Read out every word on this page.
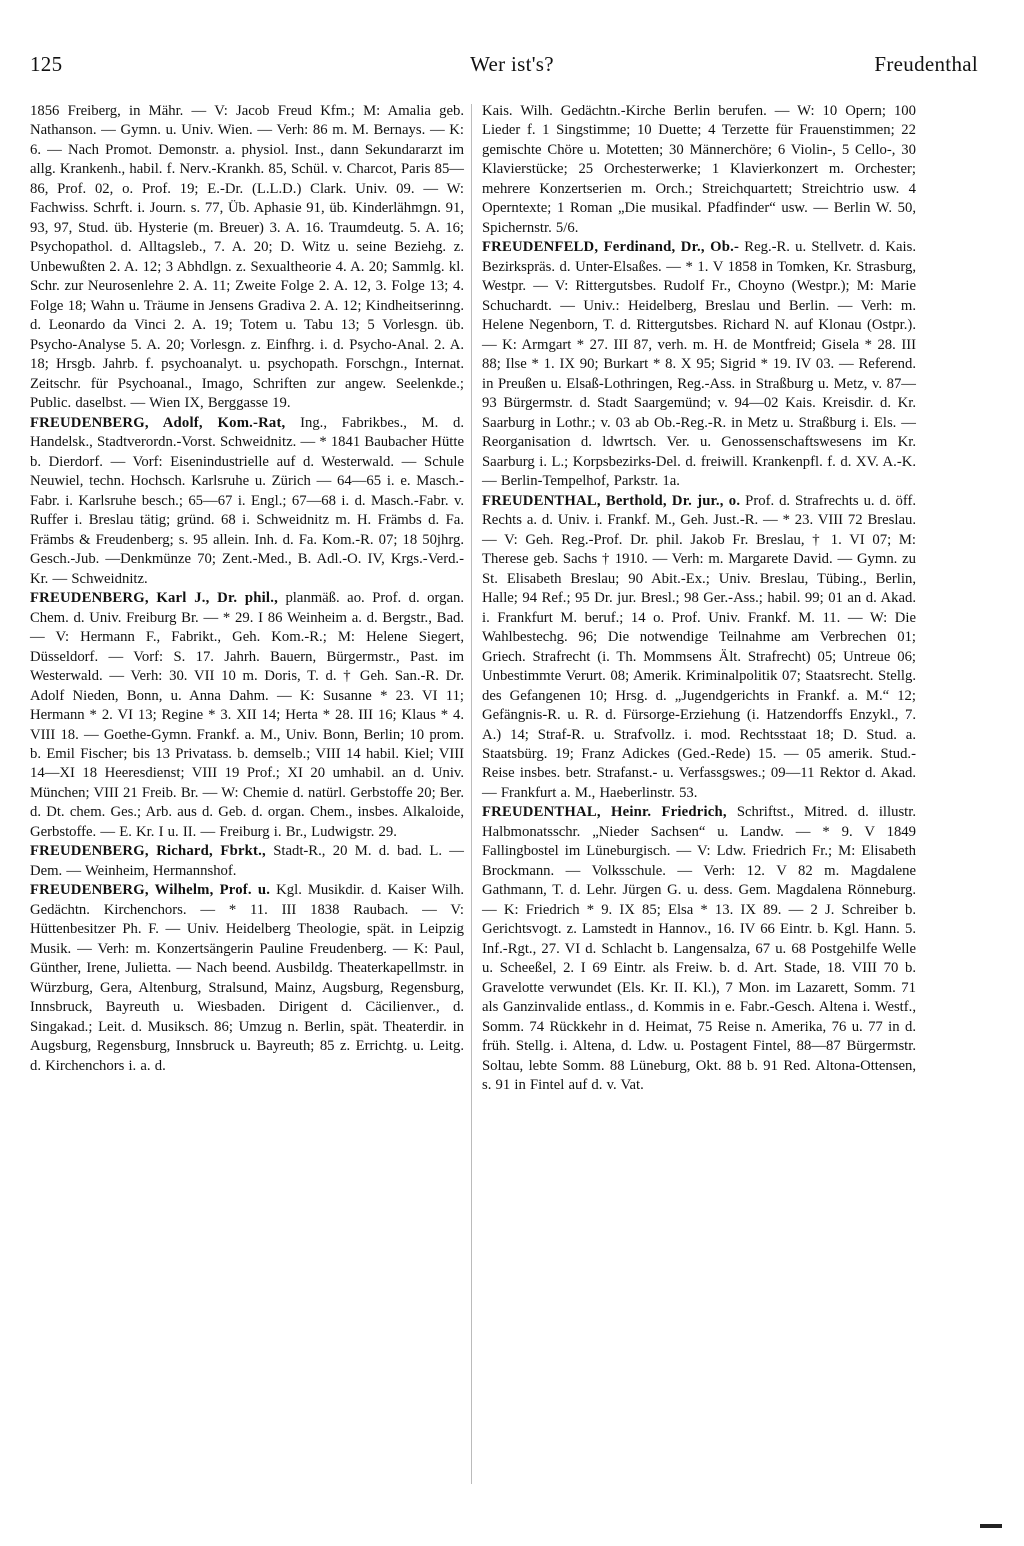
125	Wer ist's?	Freudenthal

1856 Freiberg, in Mähr. — V: Jacob Freud Kfm.; M: Amalia geb. Nathanson. — Gymn. u. Univ. Wien. — Verh: 86 m. M. Bernays. — K: 6. — Nach Promot. Demonstr. a. physiol. Inst., dann Sekundararzt im allg. Krankenh., habil. f. Nerv.-Krankh. 85, Schül. v. Charcot, Paris 85—86, Prof. 02, o. Prof. 19; E.-Dr. (L.L.D.) Clark. Univ. 09. — W: Fachwiss. Schrft. i. Journ. s. 77, Üb. Aphasie 91, üb. Kinderlähmgn. 91, 93, 97, Stud. üb. Hysterie (m. Breuer) 3. A. 16. Traumdeutg. 5. A. 16; Psychopathol. d. Alltagsleb., 7. A. 20; D. Witz u. seine Beziehg. z. Unbewußten 2. A. 12; 3 Abhdlgn. z. Sexualtheorie 4. A. 20; Sammlg. kl. Schr. zur Neurosenlehre 2. A. 11; Zweite Folge 2. A. 12, 3. Folge 13; 4. Folge 18; Wahn u. Träume in Jensens Gradiva 2. A. 12; Kindheitserinng. d. Leonardo da Vinci 2. A. 19; Totem u. Tabu 13; 5 Vorlesgn. üb. Psycho-Analyse 5. A. 20; Vorlesgn. z. Einfhrg. i. d. Psycho-Anal. 2. A. 18; Hrsgb. Jahrb. f. psychoanalyt. u. psychopath. Forschgn., Internat. Zeitschr. für Psychoanal., Imago, Schriften zur angew. Seelenkde.; Public. daselbst. — Wien IX, Berggasse 19.

FREUDENBERG, Adolf, Kom.-Rat, Ing., Fabrikbes., M. d. Handelsk., Stadtverordn.-Vorst. Schweidnitz. — * 1841 Baubacher Hütte b. Dierdorf. — Vorf: Eisenindustrielle auf d. Westerwald. — Schule Neuwiel, techn. Hochsch. Karlsruhe u. Zürich — 64—65 i. e. Masch.-Fabr. i. Karlsruhe besch.; 65—67 i. Engl.; 67—68 i. d. Masch.-Fabr. v. Ruffer i. Breslau tätig; gründ. 68 i. Schweidnitz m. H. Främbs d. Fa. Främbs & Freudenberg; s. 95 allein. Inh. d. Fa. Kom.-R. 07; 18 50jhrg. Gesch.-Jub. —Denkmünze 70; Zent.-Med., B. Adl.-O. IV, Krgs.-Verd.-Kr. — Schweidnitz.

FREUDENBERG, Karl J., Dr. phil., planmäß. ao. Prof. d. organ. Chem. d. Univ. Freiburg Br. — * 29. I 86 Weinheim a. d. Bergstr., Bad. — V: Hermann F., Fabrikt., Geh. Kom.-R.; M: Helene Siegert, Düsseldorf. — Vorf: S. 17. Jahrh. Bauern, Bürgermstr., Past. im Westerwald. — Verh: 30. VII 10 m. Doris, T. d. † Geh. San.-R. Dr. Adolf Nieden, Bonn, u. Anna Dahm. — K: Susanne * 23. VI 11; Hermann * 2. VI 13; Regine * 3. XII 14; Herta * 28. III 16; Klaus * 4. VIII 18. — Goethe-Gymn. Frankf. a. M., Univ. Bonn, Berlin; 10 prom. b. Emil Fischer; bis 13 Privatass. b. demselb.; VIII 14 habil. Kiel; VIII 14—XI 18 Heeresdienst; VIII 19 Prof.; XI 20 umhabil. an d. Univ. München; VIII 21 Freib. Br. — W: Chemie d. natürl. Gerbstoffe 20; Ber. d. Dt. chem. Ges.; Arb. aus d. Geb. d. organ. Chem., insbes. Alkaloide, Gerbstoffe. — E. Kr. I u. II. — Freiburg i. Br., Ludwigstr. 29.

FREUDENBERG, Richard, Fbrkt., Stadt-R., 20 M. d. bad. L. — Dem. — Weinheim, Hermannshof.

FREUDENBERG, Wilhelm, Prof. u. Kgl. Musikdir. d. Kaiser Wilh. Gedächtn. Kirchenchors. — * 11. III 1838 Raubach. — V: Hüttenbesitzer Ph. F. — Univ. Heidelberg Theologie, spät. in Leipzig Musik. — Verh: m. Konzertsängerin Pauline Freudenberg. — K: Paul, Günther, Irene, Julietta. — Nach beend. Ausbildg. Theaterkapellmstr. in Würzburg, Gera, Altenburg, Stralsund, Mainz, Augsburg, Regensburg, Innsbruck, Bayreuth u. Wiesbaden. Dirigent d. Cäcilienver., d. Singakad.; Leit. d. Musiksch. 86; Umzug n. Berlin, spät. Theaterdir. in Augsburg, Regensburg, Innsbruck u. Bayreuth; 85 z. Errichtg. u. Leitg. d. Kirchenchors i. a. d.

Kais. Wilh. Gedächtn.-Kirche Berlin berufen. — W: 10 Opern; 100 Lieder f. 1 Singstimme; 10 Duette; 4 Terzette für Frauenstimmen; 22 gemischte Chöre u. Motetten; 30 Männerchöre; 6 Violin-, 5 Cello-, 30 Klavierstücke; 25 Orchesterwerke; 1 Klavierkonzert m. Orchester; mehrere Konzertserien m. Orch.; Streichquartett; Streichtrio usw. 4 Operntexte; 1 Roman „Die musikal. Pfadfinder“ usw. — Berlin W. 50, Spichernstr. 5/6.

FREUDENFELD, Ferdinand, Dr., Ob.- Reg.-R. u. Stellvetr. d. Kais. Bezirkspräs. d. Unter-Elsaßes. — * 1. V 1858 in Tomken, Kr. Strasburg, Westpr. — V: Rittergutsbes. Rudolf Fr., Choyno (Westpr.); M: Marie Schuchardt. — Univ.: Heidelberg, Breslau und Berlin. — Verh: m. Helene Negenborn, T. d. Rittergutsbes. Richard N. auf Klonau (Ostpr.). — K: Armgart * 27. III 87, verh. m. H. de Montfreid; Gisela * 28. III 88; Ilse * 1. IX 90; Burkart * 8. X 95; Sigrid * 19. IV 03. — Referend. in Preußen u. Elsaß-Lothringen, Reg.-Ass. in Straßburg u. Metz, v. 87—93 Bürgermstr. d. Stadt Saargemünd; v. 94—02 Kais. Kreisdir. d. Kr. Saarburg in Lothr.; v. 03 ab Ob.-Reg.-R. in Metz u. Straßburg i. Els. — Reorganisation d. ldwrtsch. Ver. u. Genossenschaftswesens im Kr. Saarburg i. L.; Korpsbezirks-Del. d. freiwill. Krankenpfl. f. d. XV. A.-K. — Berlin-Tempelhof, Parkstr. 1a.

FREUDENTHAL, Berthold, Dr. jur., o. Prof. d. Strafrechts u. d. öff. Rechts a. d. Univ. i. Frankf. M., Geh. Just.-R. — * 23. VIII 72 Breslau. — V: Geh. Reg.-Prof. Dr. phil. Jakob Fr. Breslau, † 1. VI 07; M: Therese geb. Sachs † 1910. — Verh: m. Margarete David. — Gymn. zu St. Elisabeth Breslau; 90 Abit.-Ex.; Univ. Breslau, Tübing., Berlin, Halle; 94 Ref.; 95 Dr. jur. Bresl.; 98 Ger.-Ass.; habil. 99; 01 an d. Akad. i. Frankfurt M. beruf.; 14 o. Prof. Univ. Frankf. M. 11. — W: Die Wahlbestechg. 96; Die notwendige Teilnahme am Verbrechen 01; Griech. Strafrecht (i. Th. Mommsens Ält. Strafrecht) 05; Untreue 06; Unbestimmte Verurt. 08; Amerik. Kriminalpolitik 07; Staatsrecht. Stellg. des Gefangenen 10; Hrsg. d. „Jugendgerichts in Frankf. a. M.“ 12; Gefängnis-R. u. R. d. Fürsorge-Erziehung (i. Hatzendorffs Enzykl., 7. A.) 14; Straf-R. u. Strafvollz. i. mod. Rechtsstaat 18; D. Stud. a. Staatsbürg. 19; Franz Adickes (Ged.-Rede) 15. — 05 amerik. Stud.-Reise insbes. betr. Strafanst.- u. Verfassgswes.; 09—11 Rektor d. Akad. — Frankfurt a. M., Haeberlinstr. 53.

FREUDENTHAL, Heinr. Friedrich, Schriftst., Mitred. d. illustr. Halbmonatsschr. „Nieder Sachsen“ u. Landw. — * 9. V 1849 Fallingbostel im Lüneburgisch. — V: Ldw. Friedrich Fr.; M: Elisabeth Brockmann. — Volksschule. — Verh: 12. V 82 m. Magdalene Gathmann, T. d. Lehr. Jürgen G. u. dess. Gem. Magdalena Rönneburg. — K: Friedrich * 9. IX 85; Elsa * 13. IX 89. — 2 J. Schreiber b. Gerichtsvogt. z. Lamstedt in Hannov., 16. IV 66 Eintr. b. Kgl. Hann. 5. Inf.-Rgt., 27. VI d. Schlacht b. Langensalza, 67 u. 68 Postgehilfe Welle u. Scheeßel, 2. I 69 Eintr. als Freiw. b. d. Art. Stade, 18. VIII 70 b. Gravelotte verwundet (Els. Kr. II. Kl.), 7 Mon. im Lazarett, Somm. 71 als Ganzinvalide entlass., d. Kommis in e. Fabr.-Gesch. Altena i. Westf., Somm. 74 Rückkehr in d. Heimat, 75 Reise n. Amerika, 76 u. 77 in d. früh. Stellg. i. Altena, d. Ldw. u. Postagent Fintel, 88—87 Bürgermstr. Soltau, lebte Somm. 88 Lüneburg, Okt. 88 b. 91 Red. Altona-Ottensen, s. 91 in Fintel auf d. v. Vat.
